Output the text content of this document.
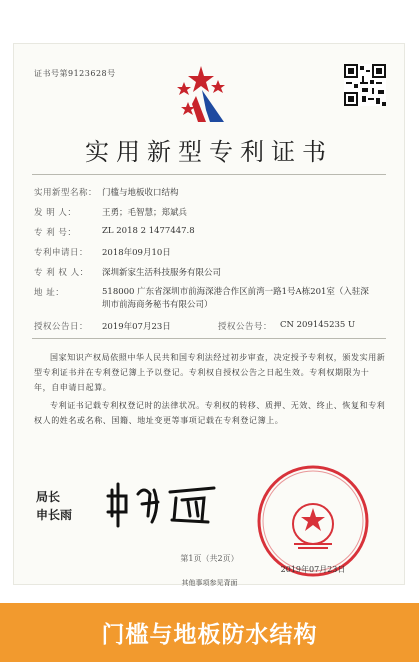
证书号第9123628号
实用新型专利证书
实用新型名称： 门槛与地板收口结构
发 明 人：	王勇；毛智慧；郑斌兵
专 利 号：	ZL 2018 2 1477447.8
专利申请日：	2018年09月10日
专 利 权 人：	深圳新家生活科技服务有限公司
地 址：	518000 广东省深圳市前海深港合作区前湾一路1号A栋201室（入驻深圳市前海商务秘书有限公司）
授权公告日：	2019年07月23日	授权公告号： CN 209145235 U

国家知识产权局依照中华人民共和国专利法经过初步审查，决定授予专利权，颁发实用新型专利证书并在专利登记簿上予以登记。专利权自授权公告之日起生效。专利权期限为十年，自申请日起算。

专利证书记载专利权登记时的法律状况。专利权的转移、质押、无效、终止、恢复和专利权人的姓名或名称、国籍、地址变更等事项记载在专利登记簿上。

局长
申长雨
2019年07月23日
第1页（共2页）
其他事项参见背面
门槛与地板防水结构
